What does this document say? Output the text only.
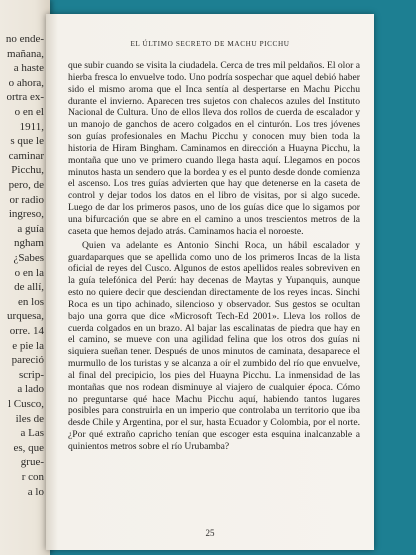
no ende-
mañana,
a haste
o ahora,
ortra ex-
o en el
1911,
s que le
caminar
Picchu,
pero, de
or radio
ingreso,
a guía
ngham
¿Sabes
o en la
de allí,
en los
urquesa,
orre. 14
e pie la
pareció
scrip-
a lado
l Cusco,
iles de
a Las
es, que
grue-
r con
a lo
EL ÚLTIMO SECRETO DE MACHU PICCHU

que subir cuando se visita la ciudadela. Cerca de tres mil peldaños. El olor a hierba fresca lo envuelve todo. Uno podría sospechar que aquel debió haber sido el mismo aroma que el Inca sentía al despertarse en Machu Picchu durante el invierno. Aparecen tres sujetos con chalecos azules del Instituto Nacional de Cultura. Uno de ellos lleva dos rollos de cuerda de escalador y un manojo de ganchos de acero colgados en el cinturón. Los tres jóvenes son guías profesionales en Machu Picchu y conocen muy bien toda la historia de Hiram Bingham. Caminamos en dirección a Huayna Picchu, la montaña que uno ve primero cuando llega hasta aquí. Llegamos en pocos minutos hasta un sendero que la bordea y es el punto desde donde comienza el ascenso. Los tres guías advierten que hay que detenerse en la caseta de control y dejar todos los datos en el libro de visitas, por si algo sucede. Luego de dar los primeros pasos, uno de los guías dice que lo sigamos por una bifurcación que se abre en el camino a unos trescientos metros de la caseta que hemos dejado atrás. Caminamos hacia el noroeste.

Quien va adelante es Antonio Sinchi Roca, un hábil escalador y guardaparques que se apellida como uno de los primeros Incas de la lista oficial de reyes del Cusco. Algunos de estos apellidos reales sobreviven en la guía telefónica del Perú: hay decenas de Maytas y Yupanquis, aunque esto no quiere decir que desciendan directamente de los reyes incas. Sinchi Roca es un tipo achinado, silencioso y observador. Sus gestos se ocultan bajo una gorra que dice «Microsoft Tech-Ed 2001». Lleva los rollos de cuerda colgados en un brazo. Al bajar las escalinatas de piedra que hay en el camino, se mueve con una agilidad felina que los otros dos guías ni siquiera sueñan tener. Después de unos minutos de caminata, desaparece el murmullo de los turistas y se alcanza a oír el zumbido del río que envuelve, al final del precipicio, los pies del Huayna Picchu. La inmensidad de las montañas que nos rodean disminuye al viajero de cualquier época. Cómo no preguntarse qué hace Machu Picchu aquí, habiendo tantos lugares posibles para construirla en un imperio que controlaba un territorio que iba desde Chile y Argentina, por el sur, hasta Ecuador y Colombia, por el norte. ¿Por qué extraño capricho tenían que escoger esta esquina inalcanzable a quinientos metros sobre el río Urubamba?

25
